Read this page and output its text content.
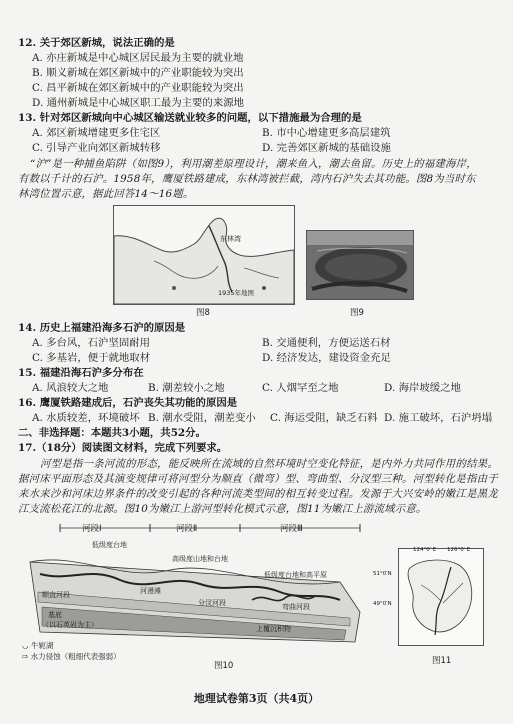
12. 关于郊区新城，说法正确的是
A. 亦庄新城是中心城区居民最为主要的就业地
B. 顺义新城在郊区新城中的产业职能较为突出
C. 昌平新城在郊区新城中的产业职能较为突出
D. 通州新城是中心城区职工最为主要的来源地
13. 针对郊区新城向中心城区输送就业较多的问题，以下措施最为合理的是
A. 郊区新城增建更多住宅区	B. 市中心增建更多高层建筑
C. 引导产业向郊区新城转移	D. 完善郊区新城的基础设施
“沪”是一种捕鱼陷阱（如图9），利用潮差原理设计，潮来鱼入，潮去鱼留。历史上的福建海岸，
有数以千计的石沪。1958年，鹰厦铁路建成，东林湾被拦截，湾内石沪失去其功能。图8为当时东
林湾位置示意，据此回答14～16题。
东林湾
1935年地图
图8	图9
14. 历史上福建沿海多石沪的原因是
A. 多台风，石沪坚固耐用	B. 交通便利，方便运送石材
C. 多基岩，便于就地取材	D. 经济发达，建设资金充足
15. 福建沿海石沪多分布在
A. 风浪较大之地	B. 潮差较小之地	C. 人烟罕至之地	D. 海岸坡缓之地
16. 鹰厦铁路建成后，石沪丧失其功能的原因是
A. 水质较差，环境破坏 B. 潮水受阻，潮差变小 C. 海运受阻，缺乏石料 D. 施工破坏，石沪坍塌
二、非选择题：本题共3小题，共52分。
17.（18分）阅读图文材料，完成下列要求。
河型是指一条河流的形态，能反映所在流域的自然环境时空变化特征，是内外力共同作用的结果。据河床平面形态及其演变规律可将河型分为顺直（微弯）型、弯曲型、分汊型三种。河型转化是指由于来水来沙和河床边界条件的改变引起的各种河流类型间的相互转变过程。发源于大兴安岭的嫩江是黑龙江支流松花江的北源。图10为嫩江上游河型转化模式示意，图11为嫩江上游流域示意。
河段Ⅰ	河段Ⅱ	河段Ⅲ
低级度台地
高级度山地和台地
低级度台地和高平原
河漫滩
顺直河段
分汊河段	弯曲河段
上覆沉积物
基底
（以石英岩为主）
◡ 牛轭湖
⇨ 水力侵蚀（粗细代表强弱）
图10
124°0′ E 126°0′ E
51°0′N
49°0′N
图11
地理试卷第3页（共4页）
